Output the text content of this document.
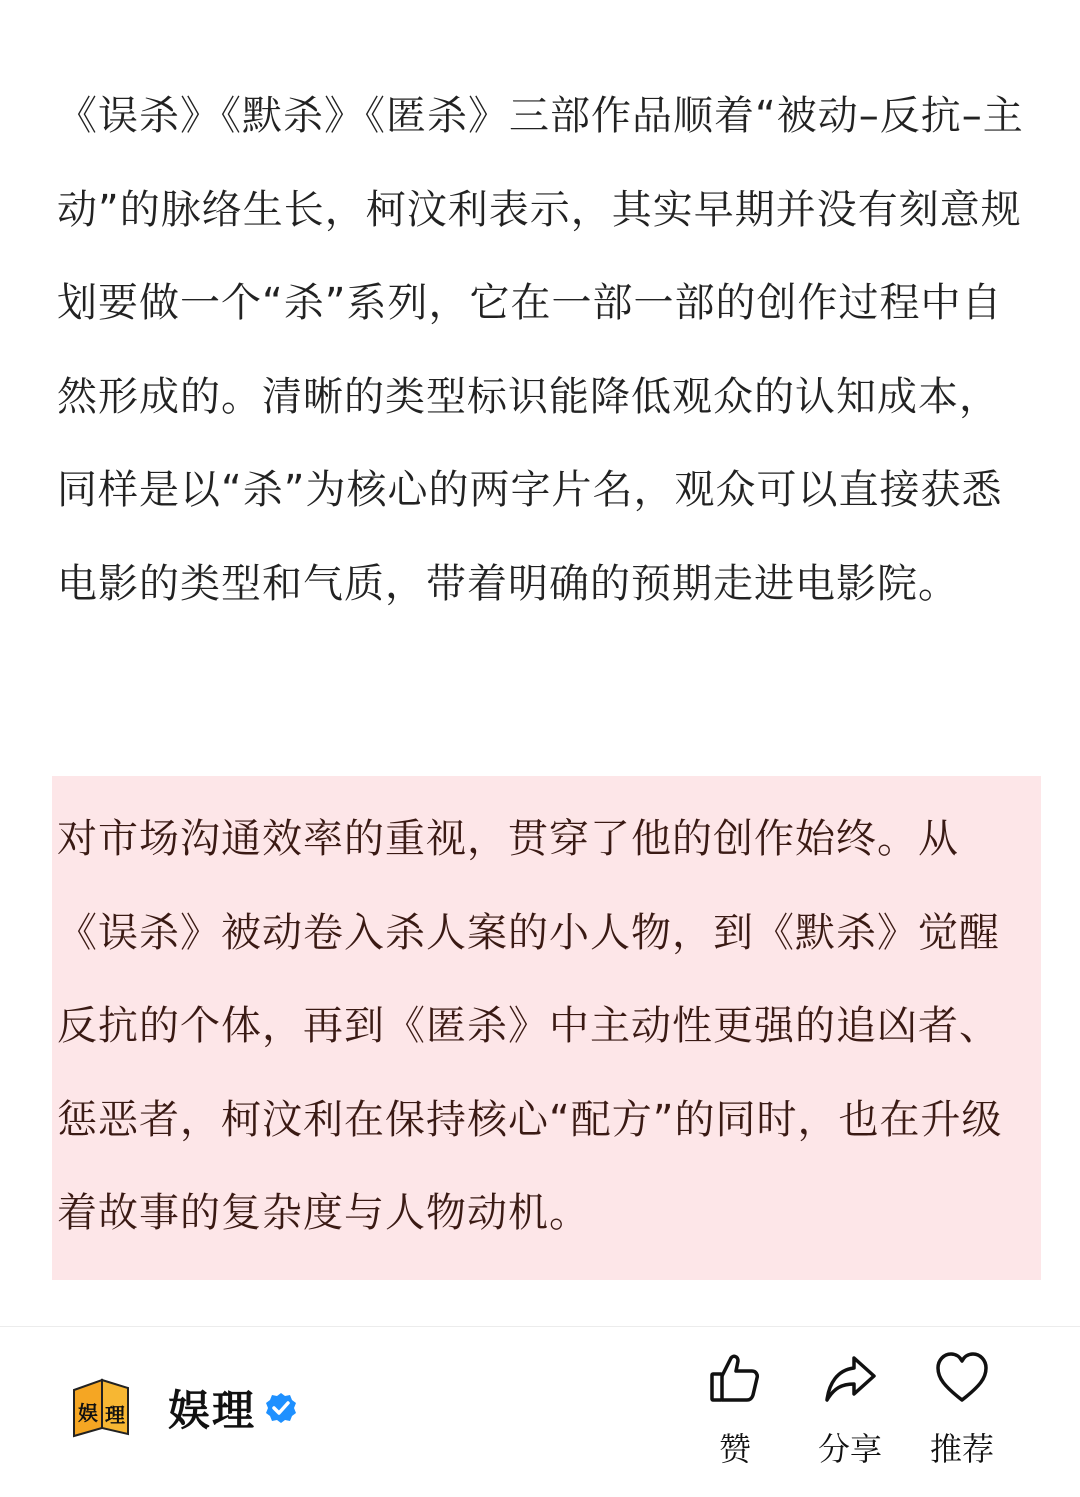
《误杀》《默杀》《匿杀》三部作品顺着“被动–反抗–主动”的脉络生长，柯汶利表示，其实早期并没有刻意规划要做一个“杀”系列，它在一部一部的创作过程中自然形成的。清晰的类型标识能降低观众的认知成本，同样是以“杀”为核心的两字片名，观众可以直接获悉电影的类型和气质，带着明确的预期走进电影院。

对市场沟通效率的重视，贯穿了他的创作始终。从《误杀》被动卷入杀人案的小人物，到《默杀》觉醒反抗的个体，再到《匿杀》中主动性更强的追凶者、惩恶者，柯汶利在保持核心“配方”的同时，也在升级着故事的复杂度与人物动机。

娱 理 娱理
赞	分享	推荐
